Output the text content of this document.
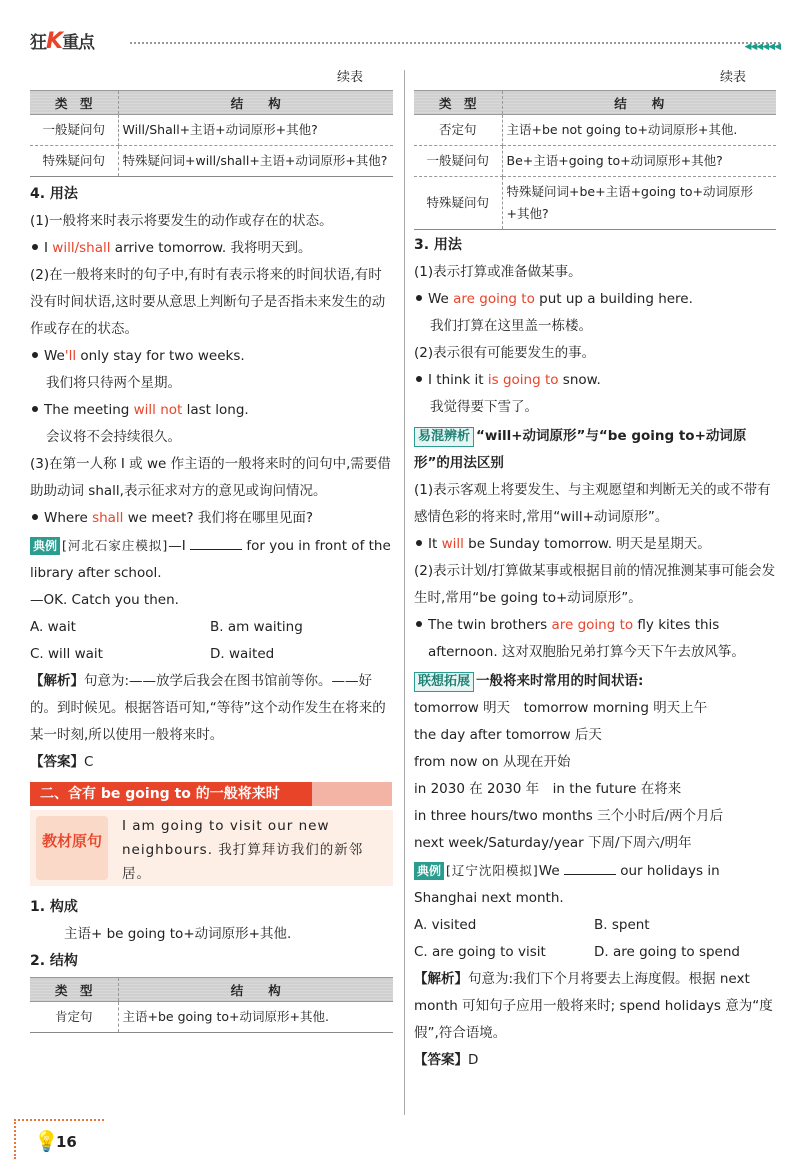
狂K重点	◀◀◀◀◀◀
续表
类　型	结　　构
一般疑问句	Will/Shall+主语+动词原形+其他?
特殊疑问句	特殊疑问词+will/shall+主语+动词原形+其他?
4. 用法
(1)一般将来时表示将要发生的动作或存在的状态。
I will/shall arrive tomorrow. 我将明天到。
(2)在一般将来时的句子中,有时有表示将来的时间状语,有时没有时间状语,这时要从意思上判断句子是否指未来发生的动作或存在的状态。
We'll only stay for two weeks.
我们将只待两个星期。
The meeting will not last long.
会议将不会持续很久。
(3)在第一人称 I 或 we 作主语的一般将来时的问句中,需要借助助动词 shall,表示征求对方的意见或询问情况。
Where shall we meet? 我们将在哪里见面?
典例 [河北石家庄模拟]—I	for you in front of the library after school.
—OK. Catch you then.
A. wait	B. am waiting
C. will wait	D. waited
【解析】句意为:——放学后我会在图书馆前等你。——好的。到时候见。根据答语可知,“等待”这个动作发生在将来的某一时刻,所以使用一般将来时。
【答案】C
二、含有 be going to 的一般将来时
教材原句
I am going to visit our new neighbours. 我打算拜访我们的新邻居。
1. 构成
主语+ be going to+动词原形+其他.
2. 结构
类　型	结　　构
肯定句	主语+be going to+动词原形+其他.
续表
类　型	结　　构
否定句	主语+be not going to+动词原形+其他.
一般疑问句	Be+主语+going to+动词原形+其他?
特殊疑问句	特殊疑问词+be+主语+going to+动词原形+其他?
3. 用法
(1)表示打算或准备做某事。
We are going to put up a building here.
我们打算在这里盖一栋楼。
(2)表示很有可能要发生的事。
I think it is going to snow.
我觉得要下雪了。
易混辨析 “will+动词原形”与“be going to+动词原形”的用法区别
(1)表示客观上将要发生、与主观愿望和判断无关的或不带有感情色彩的将来时,常用“will+动词原形”。
It will be Sunday tomorrow. 明天是星期天。
(2)表示计划/打算做某事或根据目前的情况推测某事可能会发生时,常用“be going to+动词原形”。
The twin brothers are going to fly kites this afternoon. 这对双胞胎兄弟打算今天下午去放风筝。
联想拓展 一般将来时常用的时间状语:
tomorrow 明天　tomorrow morning 明天上午
the day after tomorrow 后天
from now on 从现在开始
in 2030 在 2030 年　in the future 在将来
in three hours/two months 三个小时后/两个月后
next week/Saturday/year 下周/下周六/明年
典例 [辽宁沈阳模拟]We	our holidays in Shanghai next month.
A. visited	B. spent
C. are going to visit	D. are going to spend
【解析】句意为:我们下个月将要去上海度假。根据 next month 可知句子应用一般将来时; spend holidays 意为“度假”,符合语境。
【答案】D
💡
16
